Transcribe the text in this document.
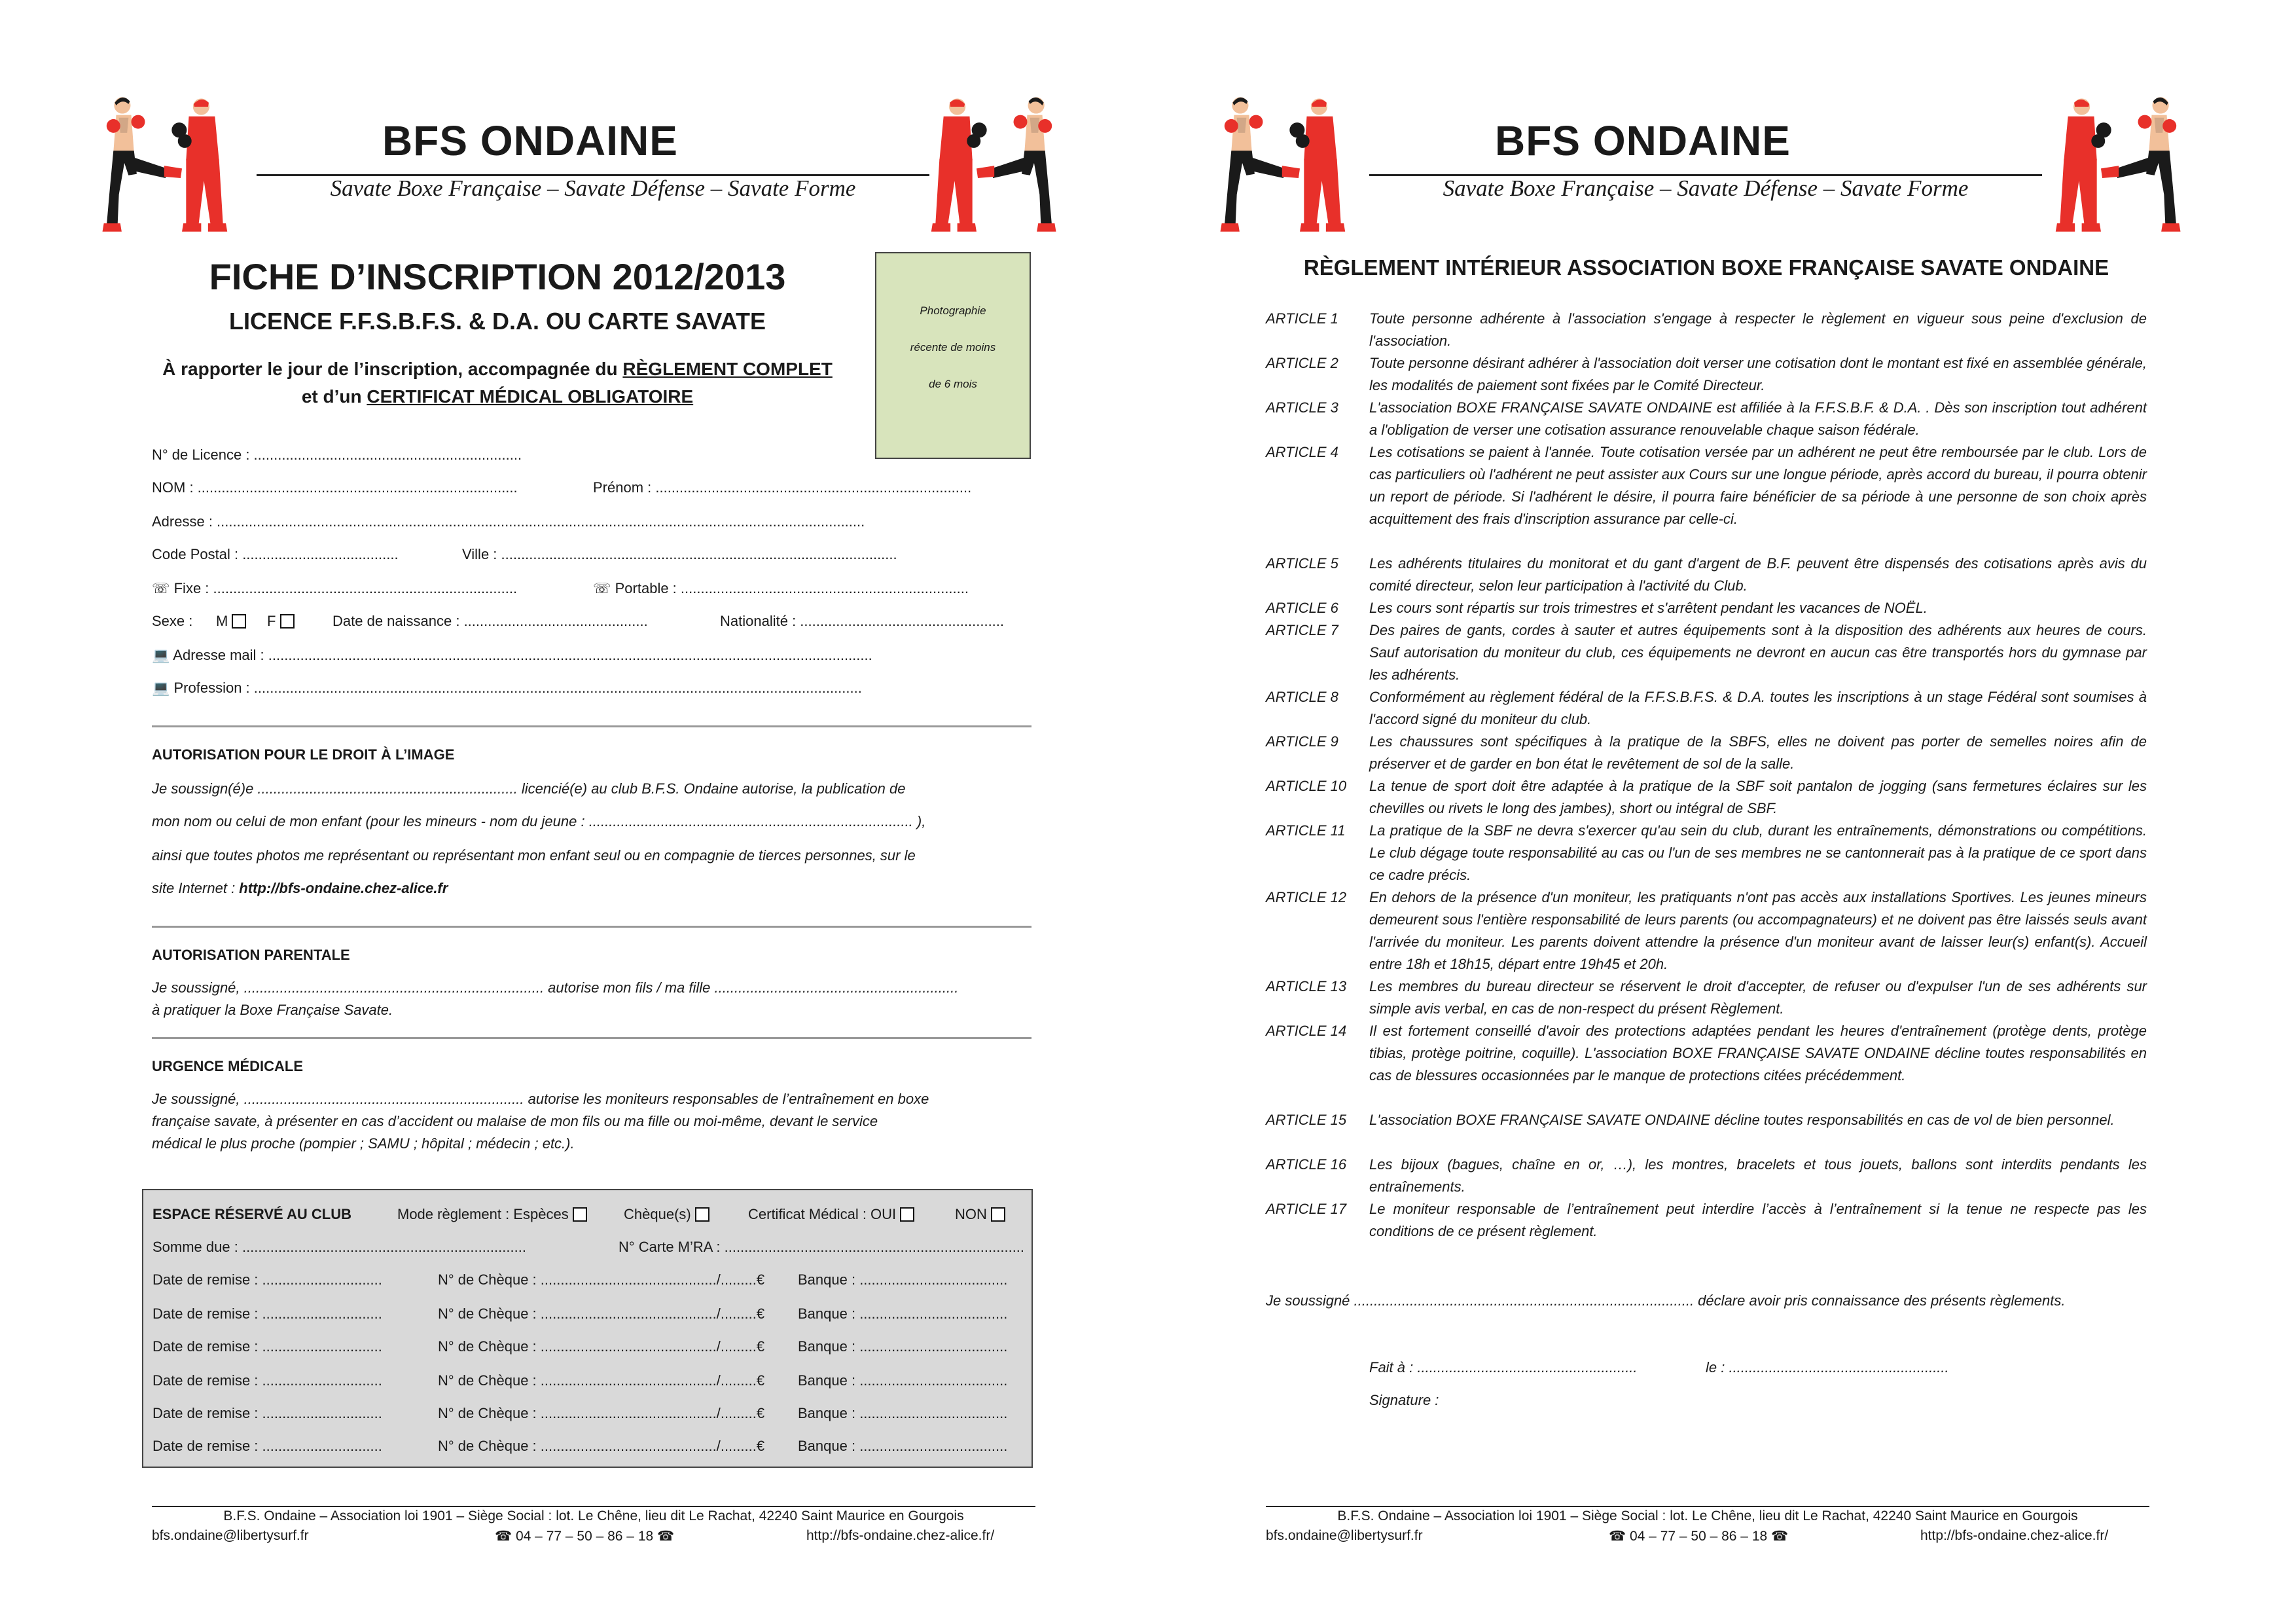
BFS ONDAINE
Savate Boxe Française – Savate Défense – Savate Forme
FICHE D’INSCRIPTION 2012/2013
LICENCE F.F.S.B.F.S. & D.A. OU CARTE SAVATE
À rapporter le jour de l’inscription, accompagnée du RÈGLEMENT COMPLET
et d’un CERTIFICAT MÉDICAL OBLIGATOIRE
Photographie
récente de moins
de 6 mois
N° de Licence : ...................................................................
NOM : ................................................................................	Prénom : ...............................................................................
Adresse : ..................................................................................................................................................................
Code Postal : .......................................	Ville : ...................................................................................................
☏ Fixe : ............................................................................	☏ Portable : ........................................................................
Sexe : M	F	Date de naissance : ..............................................	Nationalité : ...................................................
💻 Adresse mail : .......................................................................................................................................................
💻 Profession : ........................................................................................................................................................
AUTORISATION POUR LE DROIT À L’IMAGE
Je soussign(é)e ................................................................. licencié(e) au club B.F.S. Ondaine autorise, la publication de
mon nom ou celui de mon enfant (pour les mineurs - nom du jeune : ................................................................................. ),
ainsi que toutes photos me représentant ou représentant mon enfant seul ou en compagnie de tierces personnes, sur le
site Internet : http://bfs-ondaine.chez-alice.fr
AUTORISATION PARENTALE
Je soussigné, ........................................................................... autorise mon fils / ma fille .............................................................
à pratiquer la Boxe Française Savate.
URGENCE MÉDICALE
Je soussigné, ...................................................................... autorise les moniteurs responsables de l’entraînement en boxe
française savate, à présenter en cas d’accident ou malaise de mon fils ou ma fille ou moi-même, devant le service
médical le plus proche (pompier ; SAMU ; hôpital ; médecin ; etc.).
ESPACE RÉSERVÉ AU CLUB	Mode règlement : Espèces	Chèque(s)	Certificat Médical : OUI	NON
Somme due : .......................................................................	N° Carte M’RA : ...........................................................................
Date de remise : ..............................	N° de Chèque : ............................................/.........€ Banque : .....................................
Date de remise : ..............................	N° de Chèque : ............................................/.........€ Banque : .....................................
Date de remise : ..............................	N° de Chèque : ............................................/.........€ Banque : .....................................
Date de remise : ..............................	N° de Chèque : ............................................/.........€ Banque : .....................................
Date de remise : ..............................	N° de Chèque : ............................................/.........€ Banque : .....................................
Date de remise : ..............................	N° de Chèque : ............................................/.........€ Banque : .....................................
B.F.S. Ondaine – Association loi 1901 – Siège Social : lot. Le Chêne, lieu dit Le Rachat, 42240 Saint Maurice en Gourgois
bfs.ondaine@libertysurf.fr	☎ 04 – 77 – 50 – 86 – 18 ☎	http://bfs-ondaine.chez-alice.fr/
BFS ONDAINE
Savate Boxe Française – Savate Défense – Savate Forme
RÈGLEMENT INTÉRIEUR ASSOCIATION BOXE FRANÇAISE SAVATE ONDAINE
ARTICLE 1 Toute personne adhérente à l'association s'engage à respecter le règlement en vigueur sous peine d'exclusion de l'association.
ARTICLE 2 Toute personne désirant adhérer à l'association doit verser une cotisation dont le montant est fixé en assemblée générale, les modalités de paiement sont fixées par le Comité Directeur.
ARTICLE 3 L'association BOXE FRANÇAISE SAVATE ONDAINE est affiliée à la F.F.S.B.F. & D.A. . Dès son inscription tout adhérent a l'obligation de verser une cotisation assurance renouvelable chaque saison fédérale.
ARTICLE 4 Les cotisations se paient à l'année. Toute cotisation versée par un adhérent ne peut être remboursée par le club. Lors de cas particuliers où l'adhérent ne peut assister aux Cours sur une longue période, après accord du bureau, il pourra obtenir un report de période. Si l'adhérent le désire, il pourra faire bénéficier de sa période à une personne de son choix après acquittement des frais d'inscription assurance par celle-ci.
ARTICLE 5 Les adhérents titulaires du monitorat et du gant d'argent de B.F. peuvent être dispensés des cotisations après avis du comité directeur, selon leur participation à l'activité du Club.
ARTICLE 6 Les cours sont répartis sur trois trimestres et s'arrêtent pendant les vacances de NOËL.
ARTICLE 7 Des paires de gants, cordes à sauter et autres équipements sont à la disposition des adhérents aux heures de cours. Sauf autorisation du moniteur du club, ces équipements ne devront en aucun cas être transportés hors du gymnase par les adhérents.
ARTICLE 8 Conformément au règlement fédéral de la F.F.S.B.F.S. & D.A. toutes les inscriptions à un stage Fédéral sont soumises à l'accord signé du moniteur du club.
ARTICLE 9 Les chaussures sont spécifiques à la pratique de la SBFS, elles ne doivent pas porter de semelles noires afin de préserver et de garder en bon état le revêtement de sol de la salle.
ARTICLE 10 La tenue de sport doit être adaptée à la pratique de la SBF soit pantalon de jogging (sans fermetures éclaires sur les chevilles ou rivets le long des jambes), short ou intégral de SBF.
ARTICLE 11 La pratique de la SBF ne devra s'exercer qu'au sein du club, durant les entraînements, démonstrations ou compétitions. Le club dégage toute responsabilité au cas ou l'un de ses membres ne se cantonnerait pas à la pratique de ce sport dans ce cadre précis.
ARTICLE 12 En dehors de la présence d'un moniteur, les pratiquants n'ont pas accès aux installations Sportives. Les jeunes mineurs demeurent sous l'entière responsabilité de leurs parents (ou accompagnateurs) et ne doivent pas être laissés seuls avant l'arrivée du moniteur. Les parents doivent attendre la présence d'un moniteur avant de laisser leur(s) enfant(s). Accueil entre 18h et 18h15, départ entre 19h45 et 20h.
ARTICLE 13 Les membres du bureau directeur se réservent le droit d'accepter, de refuser ou d'expulser l'un de ses adhérents sur simple avis verbal, en cas de non-respect du présent Règlement.
ARTICLE 14 Il est fortement conseillé d'avoir des protections adaptées pendant les heures d'entraînement (protège dents, protège tibias, protège poitrine, coquille). L'association BOXE FRANÇAISE SAVATE ONDAINE décline toutes responsabilités en cas de blessures occasionnées par le manque de protections citées précédemment.
ARTICLE 15 L'association BOXE FRANÇAISE SAVATE ONDAINE décline toutes responsabilités en cas de vol de bien personnel.
ARTICLE 16 Les bijoux (bagues, chaîne en or, …), les montres, bracelets et tous jouets, ballons sont interdits pendants les entraînements.
ARTICLE 17 Le moniteur responsable de l’entraînement peut interdire l’accès à l’entraînement si la tenue ne respecte pas les conditions de ce présent règlement.
Je soussigné ..................................................................................... déclare avoir pris connaissance des présents règlements.
Fait à : .......................................................	le : .......................................................
Signature :
B.F.S. Ondaine – Association loi 1901 – Siège Social : lot. Le Chêne, lieu dit Le Rachat, 42240 Saint Maurice en Gourgois
bfs.ondaine@libertysurf.fr	☎ 04 – 77 – 50 – 86 – 18 ☎	http://bfs-ondaine.chez-alice.fr/
